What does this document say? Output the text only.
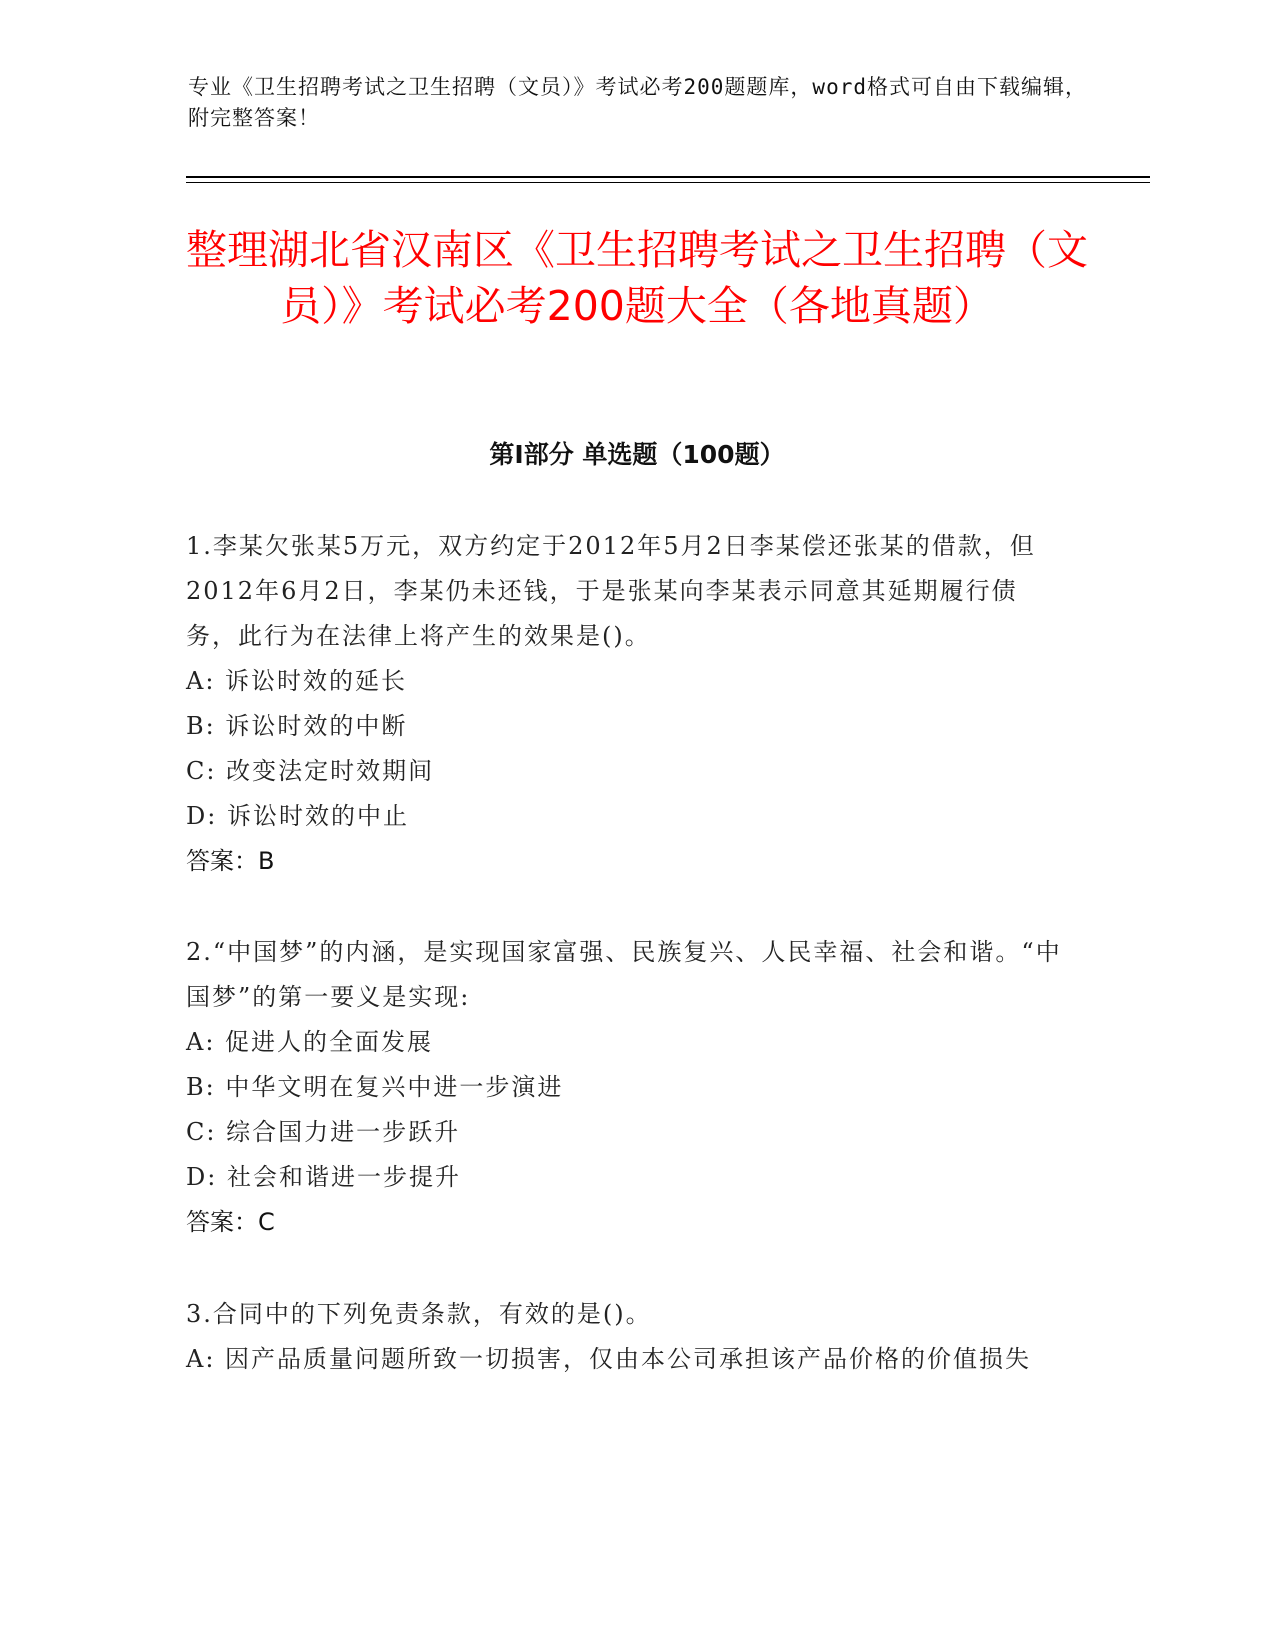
专业《卫生招聘考试之卫生招聘（文员）》考试必考200题题库，word格式可自由下载编辑，附完整答案！
整理湖北省汉南区《卫生招聘考试之卫生招聘（文员）》考试必考200题大全（各地真题）
第I部分 单选题（100题）

1.李某欠张某5万元，双方约定于2012年5月2日李某偿还张某的借款，但2012年6月2日，李某仍未还钱，于是张某向李某表示同意其延期履行债务，此行为在法律上将产生的效果是()。

A: 诉讼时效的延长

B: 诉讼时效的中断

C: 改变法定时效期间

D: 诉讼时效的中止

答案：B

2.“中国梦”的内涵，是实现国家富强、民族复兴、人民幸福、社会和谐。“中国梦”的第一要义是实现:

A: 促进人的全面发展

B: 中华文明在复兴中进一步演进

C: 综合国力进一步跃升

D: 社会和谐进一步提升

答案：C

3.合同中的下列免责条款，有效的是()。

A: 因产品质量问题所致一切损害，仅由本公司承担该产品价格的价值损失
